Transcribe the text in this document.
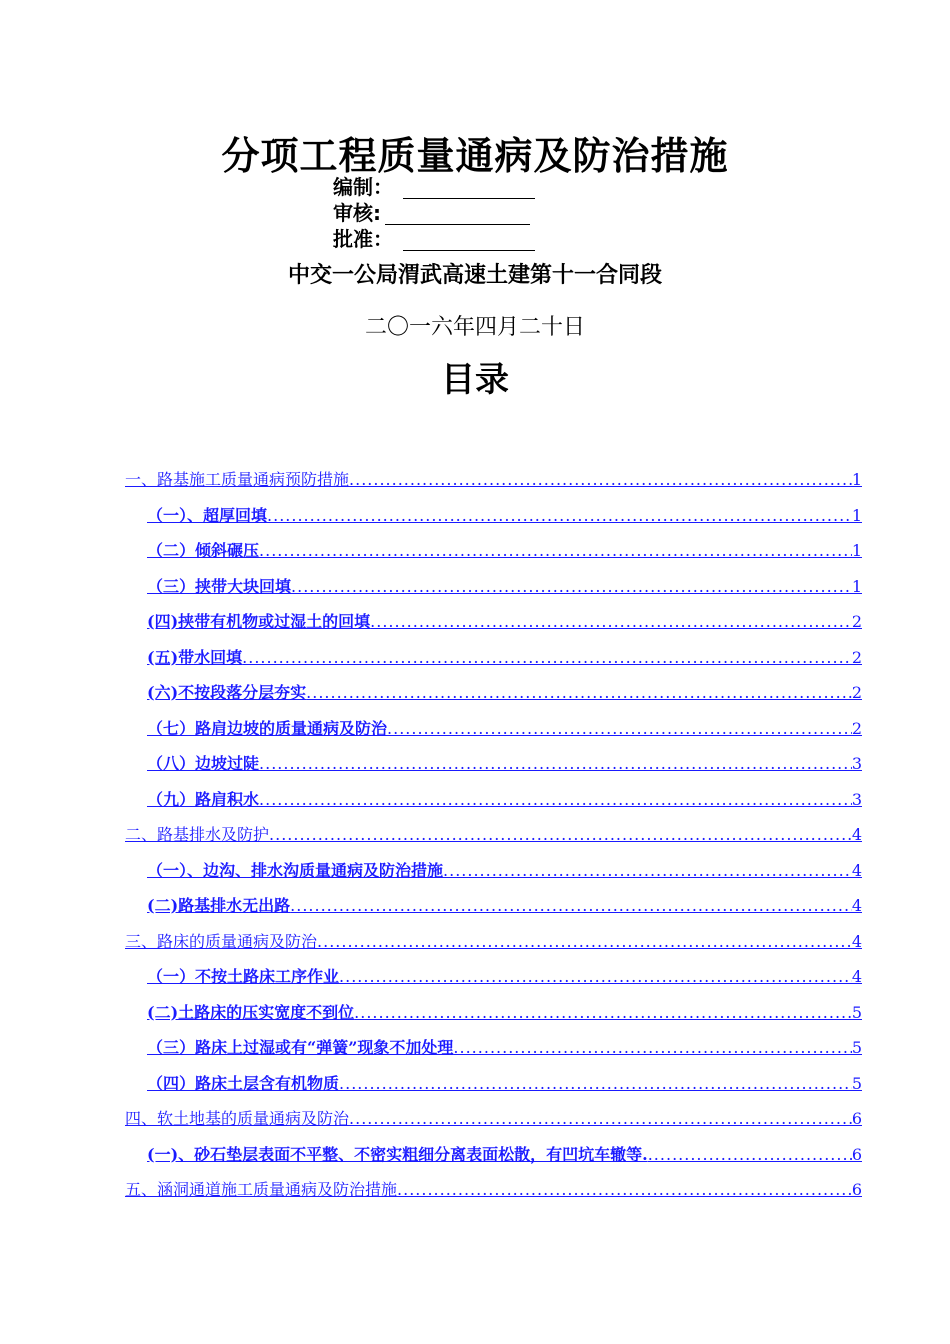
分项工程质量通病及防治措施
编制：
审核:
批准：
中交一公局渭武高速土建第十一合同段
二〇一六年四月二十日
目录
一、路基施工质量通病预防措施 .....	1
（一）、超厚回填 .....	1
（二）倾斜碾压 .....	1
（三）挟带大块回填 .....	1
(四)挟带有机物或过湿土的回填 .....	2
(五)带水回填 .....	2
(六)不按段落分层夯实 .....	2
（七）路肩边坡的质量通病及防治 .....	2
（八）边坡过陡 .....	3
（九）路肩积水 .....	3
二、路基排水及防护 .....	4
（一）、边沟、排水沟质量通病及防治措施 .....	4
(二)路基排水无出路 .....	4
三、路床的质量通病及防治 .....	4
（一）不按土路床工序作业 .....	4
(二)土路床的压实宽度不到位 .....	5
（三）路床上过湿或有“弹簧”现象不加处理 .....	5
（四）路床土层含有机物质 .....	5
四、软土地基的质量通病及防治 .....	6
(一)、砂石垫层表面不平整、不密实粗细分离表面松散，有凹坑车辙等. .....	6
五、涵洞通道施工质量通病及防治措施 .....	6
